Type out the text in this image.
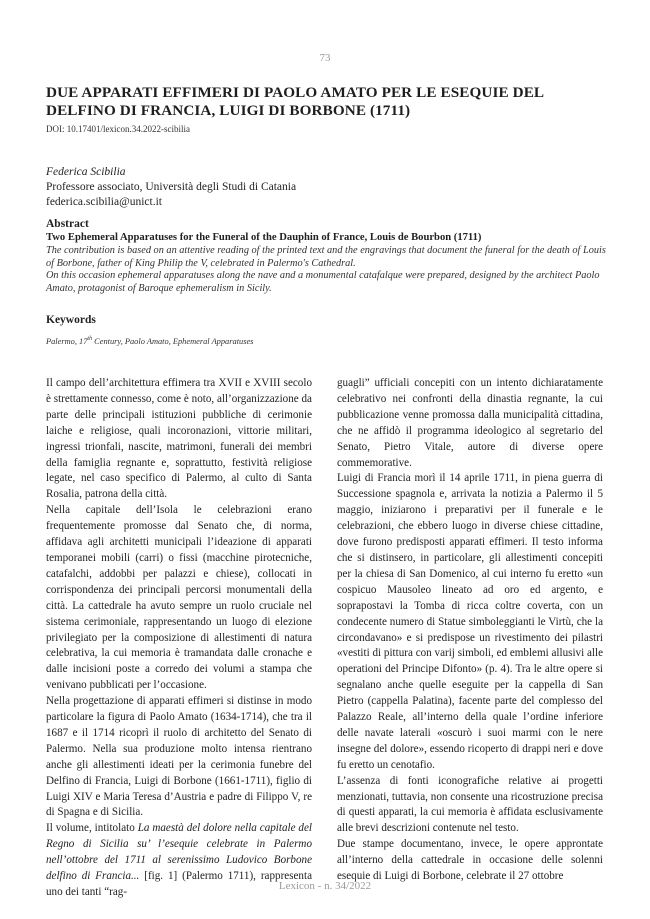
73
DUE APPARATI EFFIMERI DI PAOLO AMATO PER LE ESEQUIE DEL DELFINO DI FRANCIA, LUIGI DI BORBONE (1711)
DOI: 10.17401/lexicon.34.2022-scibilia
Federica Scibilia
Professore associato, Università degli Studi di Catania
federica.scibilia@unict.it
Abstract
Two Ephemeral Apparatuses for the Funeral of the Dauphin of France, Louis de Bourbon (1711)

The contribution is based on an attentive reading of the printed text and the engravings that document the funeral for the death of Louis of Borbone, father of King Philip the V, celebrated in Palermo's Cathedral.

On this occasion ephemeral apparatuses along the nave and a monumental catafalque were prepared, designed by the architect Paolo Amato, protagonist of Baroque ephemeralism in Sicily.

Keywords
Palermo, 17th Century, Paolo Amato, Ephemeral Apparatuses

Il campo dell’architettura effimera tra XVII e XVIII secolo è strettamente connesso, come è noto, all’organizzazione da parte delle principali istituzioni pubbliche di cerimonie laiche e religiose, quali incoronazioni, vittorie militari, ingressi trionfali, nascite, matrimoni, funerali dei membri della famiglia regnante e, soprattutto, festività religiose legate, nel caso specifico di Palermo, al culto di Santa Rosalia, patrona della città.

Nella capitale dell’Isola le celebrazioni erano frequentemente promosse dal Senato che, di norma, affidava agli architetti municipali l’ideazione di apparati temporanei mobili (carri) o fissi (macchine pirotecniche, catafalchi, addobbi per palazzi e chiese), collocati in corrispondenza dei principali percorsi monumentali della città. La cattedrale ha avuto sempre un ruolo cruciale nel sistema cerimoniale, rappresentando un luogo di elezione privilegiato per la composizione di allestimenti di natura celebrativa, la cui memoria è tramandata dalle cronache e dalle incisioni poste a corredo dei volumi a stampa che venivano pubblicati per l’occasione.

Nella progettazione di apparati effimeri si distinse in modo particolare la figura di Paolo Amato (1634-1714), che tra il 1687 e il 1714 ricoprì il ruolo di architetto del Senato di Palermo. Nella sua produzione molto intensa rientrano anche gli allestimenti ideati per la cerimonia funebre del Delfino di Francia, Luigi di Borbone (1661-1711), figlio di Luigi XIV e Maria Teresa d’Austria e padre di Filippo V, re di Spagna e di Sicilia.

Il volume, intitolato La maestà del dolore nella capitale del Regno di Sicilia su’ l’esequie celebrate in Palermo nell’ottobre del 1711 al serenissimo Ludovico Borbone delfino di Francia... [fig. 1] (Palermo 1711), rappresenta uno dei tanti “rag-

guagli” ufficiali concepiti con un intento dichiaratamente celebrativo nei confronti della dinastia regnante, la cui pubblicazione venne promossa dalla municipalità cittadina, che ne affidò il programma ideologico al segretario del Senato, Pietro Vitale, autore di diverse opere commemorative.

Luigi di Francia morì il 14 aprile 1711, in piena guerra di Successione spagnola e, arrivata la notizia a Palermo il 5 maggio, iniziarono i preparativi per il funerale e le celebrazioni, che ebbero luogo in diverse chiese cittadine, dove furono predisposti apparati effimeri. Il testo informa che si distinsero, in particolare, gli allestimenti concepiti per la chiesa di San Domenico, al cui interno fu eretto «un cospicuo Mausoleo lineato ad oro ed argento, e soprapostavi la Tomba di ricca coltre coverta, con un condecente numero di Statue simboleggianti le Virtù, che la circondavano» e si predispose un rivestimento dei pilastri «vestiti di pittura con varij simboli, ed emblemi allusivi alle operationi del Principe Difonto» (p. 4). Tra le altre opere si segnalano anche quelle eseguite per la cappella di San Pietro (cappella Palatina), facente parte del complesso del Palazzo Reale, all’interno della quale l’ordine inferiore delle navate laterali «oscurò i suoi marmi con le nere insegne del dolore», essendo ricoperto di drappi neri e dove fu eretto un cenotafio.

L’assenza di fonti iconografiche relative ai progetti menzionati, tuttavia, non consente una ricostruzione precisa di questi apparati, la cui memoria è affidata esclusivamente alle brevi descrizioni contenute nel testo.

Due stampe documentano, invece, le opere approntate all’interno della cattedrale in occasione delle solenni esequie di Luigi di Borbone, celebrate il 27 ottobre

Lexicon - n. 34/2022
